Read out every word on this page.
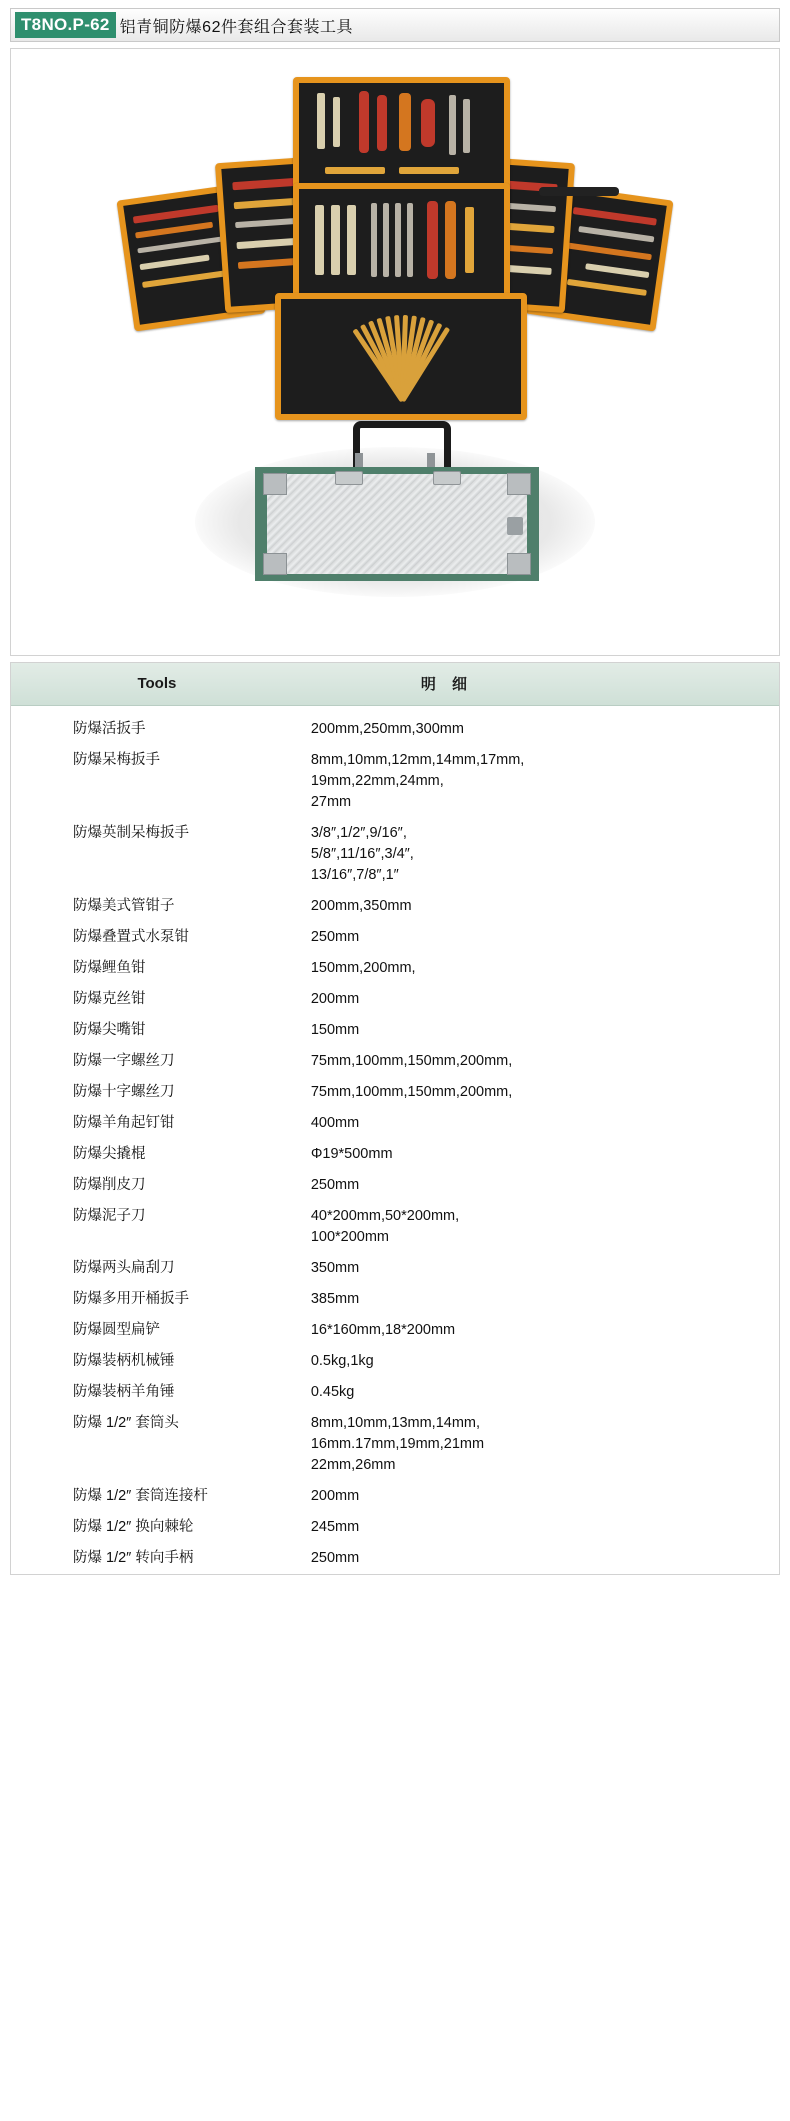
T8NO.P-62 铝青铜防爆62件套组合套装工具
Tools	明 细
防爆活扳手	200mm,250mm,300mm

防爆呆梅扳手	8mm,10mm,12mm,14mm,17mm,
19mm,22mm,24mm,
27mm

防爆英制呆梅扳手	3/8″,1/2″,9/16″,
5/8″,11/16″,3/4″,
13/16″,7/8″,1″

防爆美式管钳子	200mm,350mm

防爆叠置式水泵钳	250mm

防爆鲤鱼钳	150mm,200mm,

防爆克丝钳	200mm

防爆尖嘴钳	150mm

防爆一字螺丝刀	75mm,100mm,150mm,200mm,

防爆十字螺丝刀	75mm,100mm,150mm,200mm,

防爆羊角起钉钳	400mm

防爆尖撬棍	Φ19*500mm

防爆削皮刀	250mm

防爆泥子刀	40*200mm,50*200mm,
100*200mm

防爆两头扁刮刀	350mm

防爆多用开桶扳手	385mm

防爆圆型扁铲	16*160mm,18*200mm

防爆装柄机械锤	0.5kg,1kg

防爆装柄羊角锤	0.45kg

防爆 1/2″ 套筒头	8mm,10mm,13mm,14mm,
16mm.17mm,19mm,21mm
22mm,26mm

防爆 1/2″ 套筒连接杆	200mm

防爆 1/2″ 换向棘轮	245mm

防爆 1/2″ 转向手柄	250mm
